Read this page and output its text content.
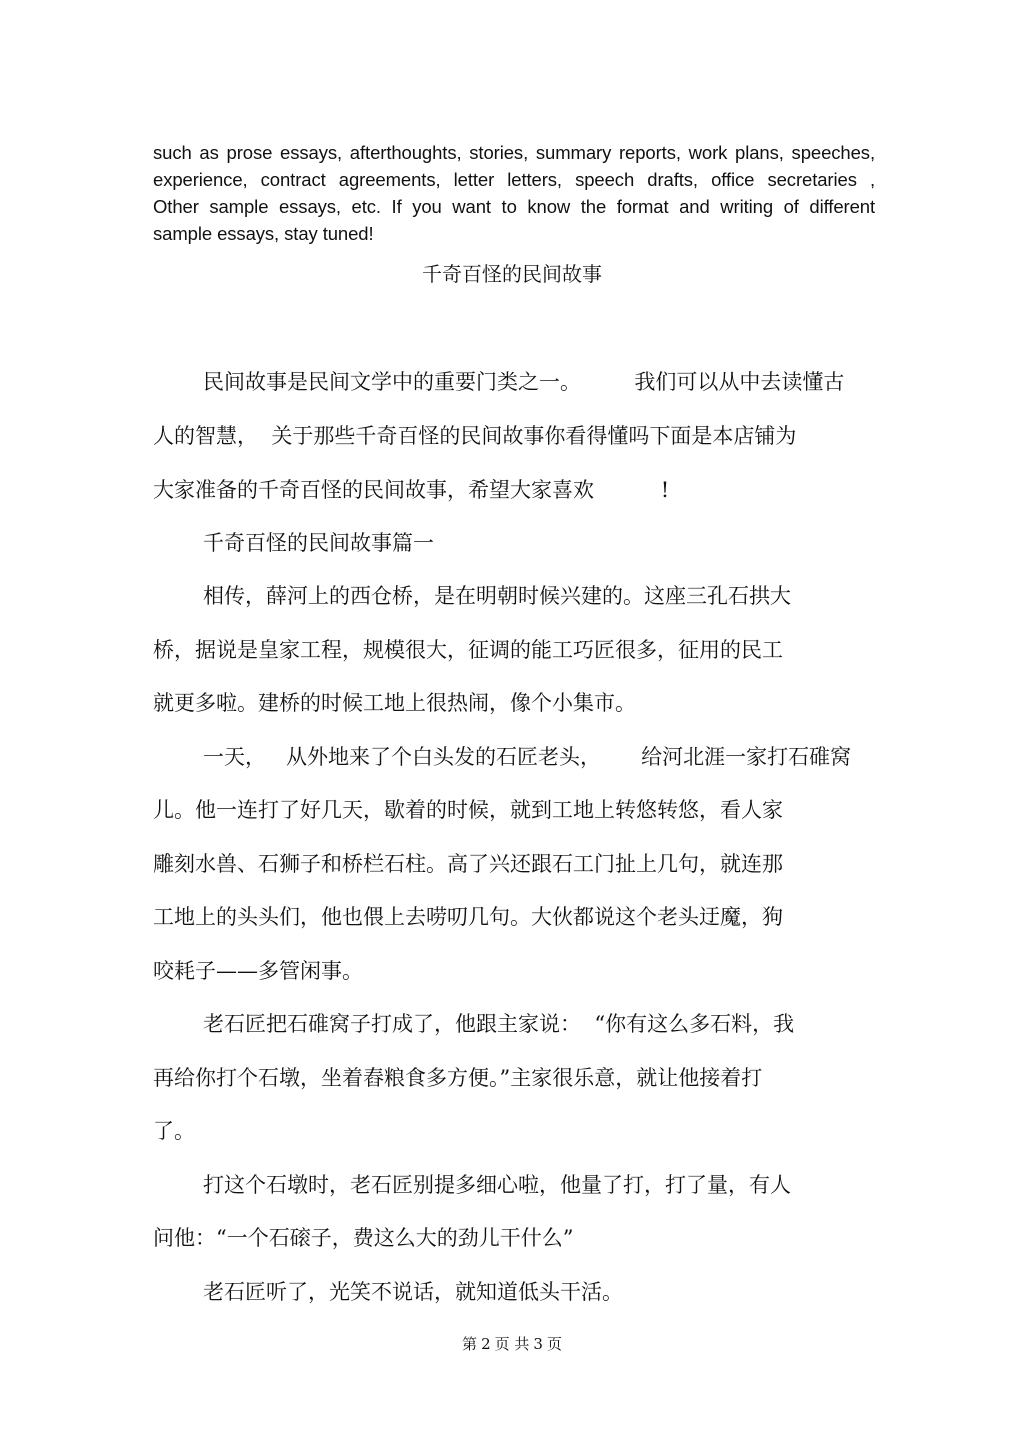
such as prose essays, afterthoughts, stories, summary reports, work plans, speeches,
experience, contract agreements, letter letters, speech drafts, office secretaries ,
Other sample essays, etc. If you want to know the format and writing of different
sample essays, stay tuned!
千奇百怪的民间故事
民间故事是民间文学中的重要门类之一。        我们可以从中去读懂古
人的智慧，  关于那些千奇百怪的民间故事你看得懂吗下面是本店铺为
大家准备的千奇百怪的民间故事，希望大家喜欢          !
千奇百怪的民间故事篇一
相传，薛河上的西仓桥，是在明朝时候兴建的。这座三孔石拱大
桥，据说是皇家工程，规模很大，征调的能工巧匠很多，征用的民工
就更多啦。建桥的时候工地上很热闹，像个小集市。
一天，   从外地来了个白头发的石匠老头，      给河北涯一家打石碓窝
儿。他一连打了好几天，歇着的时候，就到工地上转悠转悠，看人家
雕刻水兽、石狮子和桥栏石柱。高了兴还跟石工门扯上几句，就连那
工地上的头头们，他也偎上去唠叨几句。大伙都说这个老头迂魔，狗
咬耗子——多管闲事。
老石匠把石碓窝子打成了，他跟主家说：  “你有这么多石料，我
再给你打个石墩，坐着舂粮食多方便。”主家很乐意，就让他接着打
了。
打这个石墩时，老石匠别提多细心啦，他量了打，打了量，有人
问他：“一个石磙子，费这么大的劲儿干什么”
老石匠听了，光笑不说话，就知道低头干活。
第 2 页 共 3 页
